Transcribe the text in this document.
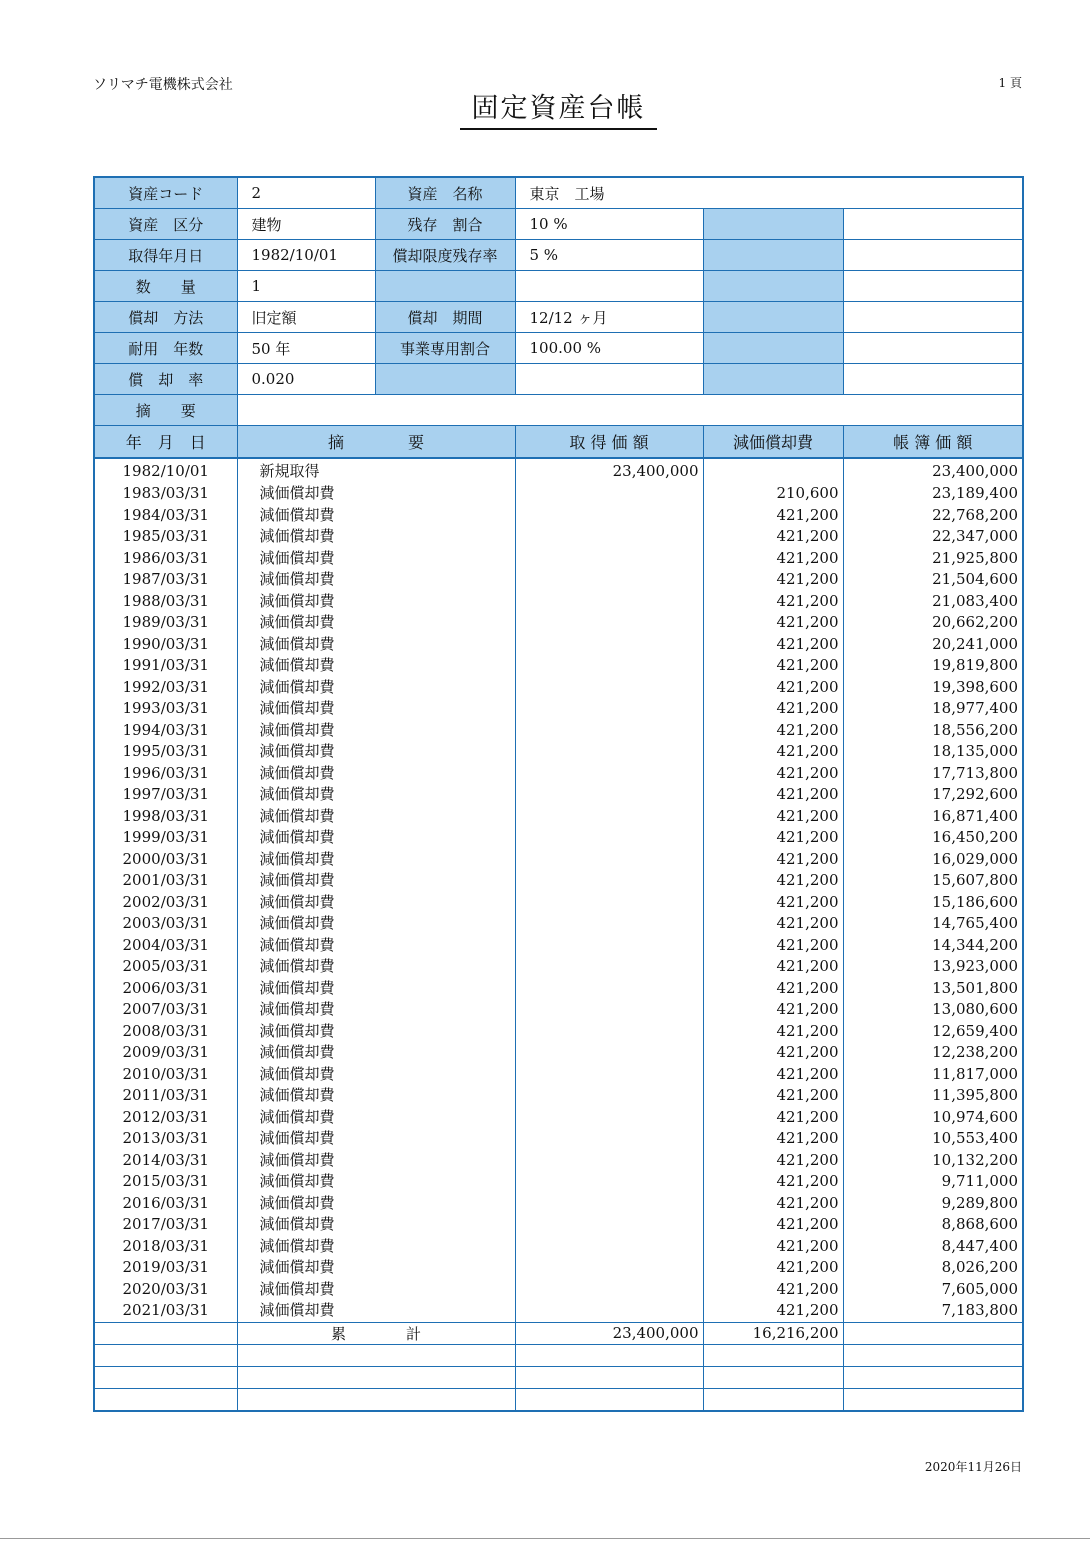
ソリマチ電機株式会社	1 頁
固定資産台帳
資産コード	2	資産　名称	東京　工場		
資産　区分	建物	残存　割合	10 %		
取得年月日	1982/10/01	償却限度残存率	5 %		
数　　量	1				
償却　方法	旧定額	償却　期間	12/12 ヶ月		
耐用　年数	50 年	事業専用割合	100.00 %		
償　却　率	0.020				
摘　　要					
年　月　日	摘　　　　要		取 得 価 額	減価償却費	帳 簿 価 額
1982/10/01	新規取得		23,400,000		23,400,000
1983/03/31	減価償却費			210,600	23,189,400
1984/03/31	減価償却費			421,200	22,768,200
1985/03/31	減価償却費			421,200	22,347,000
1986/03/31	減価償却費			421,200	21,925,800
1987/03/31	減価償却費			421,200	21,504,600
1988/03/31	減価償却費			421,200	21,083,400
1989/03/31	減価償却費			421,200	20,662,200
1990/03/31	減価償却費			421,200	20,241,000
1991/03/31	減価償却費			421,200	19,819,800
1992/03/31	減価償却費			421,200	19,398,600
1993/03/31	減価償却費			421,200	18,977,400
1994/03/31	減価償却費			421,200	18,556,200
1995/03/31	減価償却費			421,200	18,135,000
1996/03/31	減価償却費			421,200	17,713,800
1997/03/31	減価償却費			421,200	17,292,600
1998/03/31	減価償却費			421,200	16,871,400
1999/03/31	減価償却費			421,200	16,450,200
2000/03/31	減価償却費			421,200	16,029,000
2001/03/31	減価償却費			421,200	15,607,800
2002/03/31	減価償却費			421,200	15,186,600
2003/03/31	減価償却費			421,200	14,765,400
2004/03/31	減価償却費			421,200	14,344,200
2005/03/31	減価償却費			421,200	13,923,000
2006/03/31	減価償却費			421,200	13,501,800
2007/03/31	減価償却費			421,200	13,080,600
2008/03/31	減価償却費			421,200	12,659,400
2009/03/31	減価償却費			421,200	12,238,200
2010/03/31	減価償却費			421,200	11,817,000
2011/03/31	減価償却費			421,200	11,395,800
2012/03/31	減価償却費			421,200	10,974,600
2013/03/31	減価償却費			421,200	10,553,400
2014/03/31	減価償却費			421,200	10,132,200
2015/03/31	減価償却費			421,200	9,711,000
2016/03/31	減価償却費			421,200	9,289,800
2017/03/31	減価償却費			421,200	8,868,600
2018/03/31	減価償却費			421,200	8,447,400
2019/03/31	減価償却費			421,200	8,026,200
2020/03/31	減価償却費			421,200	7,605,000
2021/03/31	減価償却費			421,200	7,183,800
	累　　　　計		23,400,000	16,216,200	

2020年11月26日
